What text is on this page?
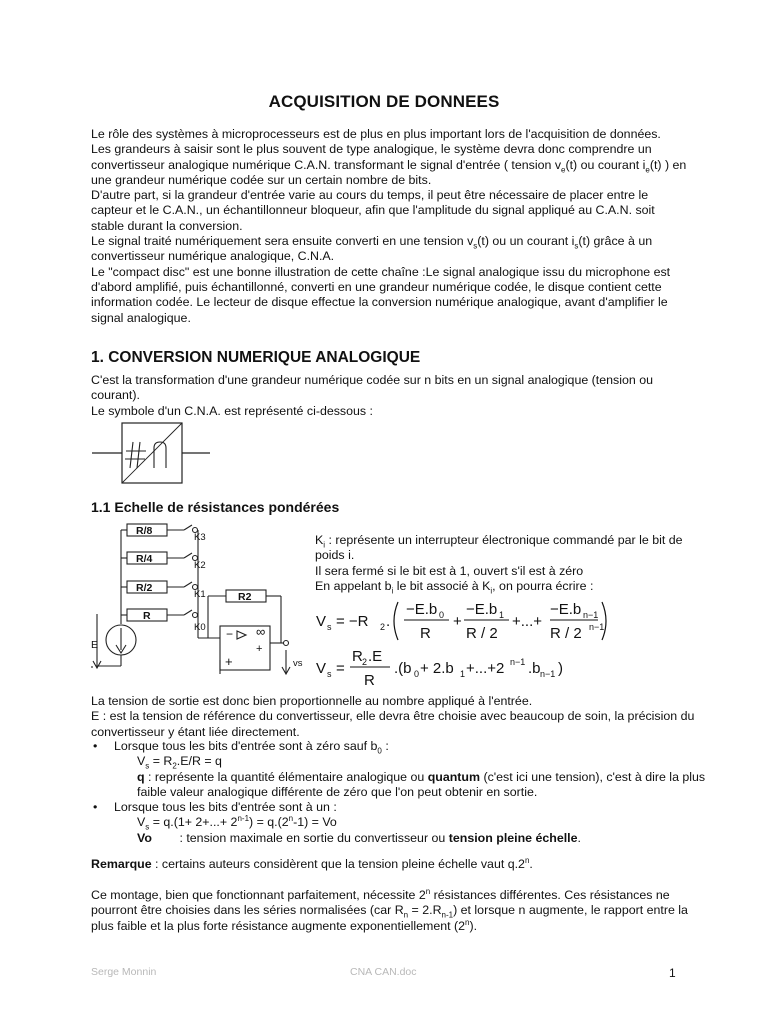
ACQUISITION DE DONNEES

Le rôle des systèmes à microprocesseurs est de plus en plus important lors de l'acquisition de données.

Les grandeurs à saisir sont le plus souvent de type analogique, le système devra donc comprendre un convertisseur analogique numérique C.A.N. transformant le signal d'entrée ( tension $v_e(t)$ ou courant $i_e(t)$ ) en une grandeur numérique codée sur un certain nombre de bits.

D'autre part, si la grandeur d'entrée varie au cours du temps, il peut être nécessaire de placer entre le capteur et le C.A.N., un échantillonneur bloqueur, afin que l'amplitude du signal appliqué au C.A.N. soit stable durant la conversion.

Le signal traité numériquement sera ensuite converti en une tension $v_s(t)$ ou un courant $i_s(t)$ grâce à un convertisseur numérique analogique, C.N.A.

Le "compact disc" est une bonne illustration de cette chaîne :Le signal analogique issu du microphone est d'abord amplifié, puis échantillonné, converti en une grandeur numérique codée, le disque contient cette information codée. Le lecteur de disque effectue la conversion numérique analogique, avant d'amplifier le signal analogique.

1. CONVERSION NUMERIQUE ANALOGIQUE

C'est la transformation d'une grandeur numérique codée sur n bits en un signal analogique (tension ou courant).

Le symbole d'un C.N.A. est représenté ci-dessous :

1.1 Echelle de résistances pondérées
R/8
R/4
R/2
R
R2
K3
K2
K1
K0
E
vs
∞
−
+
+

$K_i$ : représente un interrupteur électronique commandé par le bit de poids i.

Il sera fermé si le bit est à 1, ouvert s'il est à zéro

En appelant $b_i$ le bit associé à $K_i$, on pourra écrire :

V s = −R 2 .
−E.b 0
R
+
−E.b 1
R / 2
+...+
−E.b n−1
R / 2 n−1
V s =
R 2 .E
R
.(b 0 + 2.b 1 +...+2 n−1 .b n−1 )

La tension de sortie est donc bien proportionnelle au nombre appliqué à l'entrée.

E : est la tension de référence du convertisseur, elle devra être choisie avec beaucoup de soin, la précision du convertisseur y étant liée directement.

• Lorsque tous les bits d'entrée sont à zéro sauf $b_0$ :
$V_s = R_2.E/R = q$
q : représente la quantité élémentaire analogique ou quantum (c'est ici une tension), c'est à dire la plus faible valeur analogique différente de zéro que l'on peut obtenir en sortie.
• Lorsque tous les bits d'entrée sont à un :
$V_s = q.(1+ 2+...+ 2^{n-1}) = q.(2^n-1) = Vo$
Vo        : tension maximale en sortie du convertisseur ou tension pleine échelle.

Remarque : certains auteurs considèrent que la tension pleine échelle vaut q.2$^n$.

Ce montage, bien que fonctionnant parfaitement, nécessite 2$^n$ résistances différentes. Ces résistances ne pourront être choisies dans les séries normalisées (car $R_n = 2.R_{n-1}$) et lorsque n augmente, le rapport entre la plus faible et la plus forte résistance augmente exponentiellement (2$^n$).

Serge Monnin	CNA CAN.doc	1
